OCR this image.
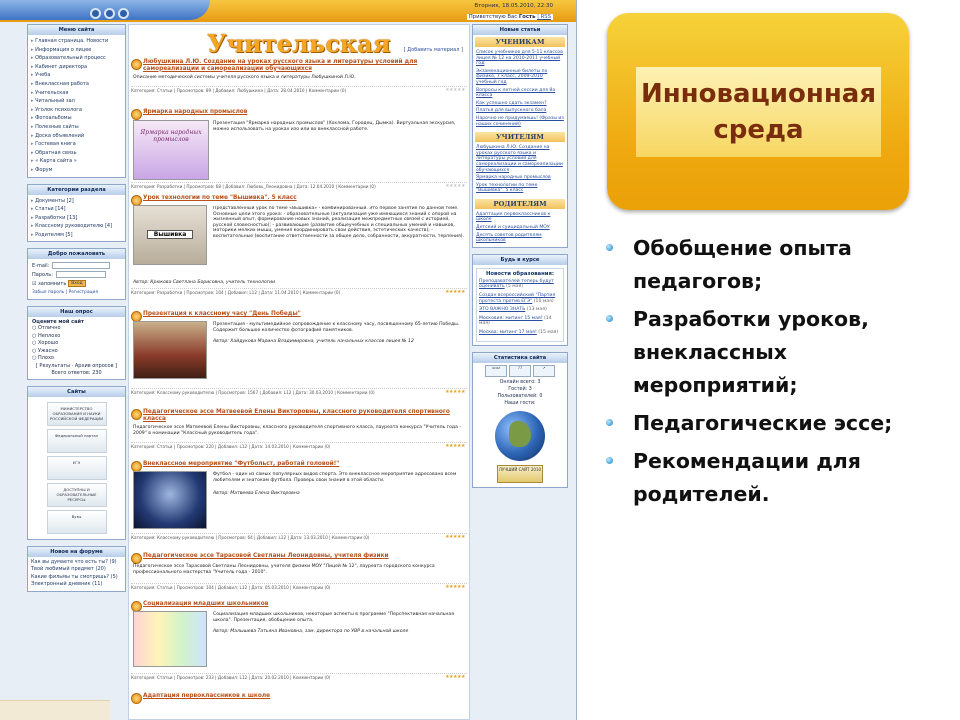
Вторник, 18.05.2010, 22:30
Приветствую Вас Гость | RSS
Меню сайта
▸ Главная страница. Новости
▸ Информация о лицее
▸ Образовательный процесс
▸ Кабинет директора
▸ Учеба
▸ Внеклассная работа
▸ Учительская
▸ Читальный зал
▸ Уголок психолога
▸ Фотоальбомы
▸ Полезные сайты
▸ Доска объявлений
▸ Гостевая книга
▸ Обратная связь
▸ « Карта сайта »
▸ Форум
Категории раздела
▸ Документы [2]
▸ Статьи [14]
▸ Разработки [13]
▸ Классному руководителю [4]
▸ Родителям [5]
Добро пожаловать
E-mail:
Пароль:
☑ запомнить	Вход
Забыл пароль | Регистрация
Наш опрос
Оцените мой сайт
○ Отлично
○ Неплохо
○ Хорошо
○ Ужасно
○ Плохо
[ Результаты · Архив опросов ]
Всего ответов: 230
Сайты
МИНИСТЕРСТВО ОБРАЗОВАНИЯ И НАУКИ РОССИЙСКОЙ ФЕДЕРАЦИИ
Федеральный портал
ЕГЭ
ДОСТУПНЫ И ОБРАЗОВАТЕЛЬНЫЕ РЕСУРСЫ
Вузы
Новое на форуме
Как вы думаете что есть ты? (9)
Твой любимый предмет (20)
Какие фильмы ты смотришь? (5)
Электронный дневник (11)
Учительская	[ Добавить материал ]
Любушкина Л.Ю. Создание на уроках русского языка и литературы условий для самореализации и самореализации обучающихся
Описание методической системы учителя русского языка и литературы Любушкиной Л.Ю.
Категория: Статьи | Просмотров: 89 | Добавил: Любушкина | Дата: 28.04.2010 | Комментарии (0)	★★★★★
Ярмарка народных промыслов
Ярмарка народных промыслов
Презентация "Ярмарка народных промыслов" (Хохлома, Городец, Дымка). Виртуальная экскурсия, можно использовать на уроках изо или во внеклассной работе.
Категория: Разработки | Просмотров: 68 | Добавил: Любовь_Леонидовна | Дата: 12.04.2010 | Комментарии (0)	★★★★★
Урок технологии по теме "Вышивка". 5 класс
Вышивка
Представленный урок по теме «Вышивка» - комбинированный. Это первое занятие по данной теме. Основные цели этого урока: - образовательные (актуализация уже имеющихся знаний с опорой на жизненный опыт, формирование новых знаний, реализация межпредметных связей с историей, русской словесностью); - развивающие (развитие общеучебных и специальных умений и навыков, моторики мелких мышц, умения координировать свои действия, эстетических качеств); - воспитательные (воспитание ответственности за общее дело, собранности, аккуратности, терпения).
Автор: Крюкова Светлана Борисовна, учитель технологии
Категория: Разработки | Просмотров: 104 | Добавил: L12 | Дата: 11.04.2010 | Комментарии (0)	★★★★★
Презентация к классному часу "День Победы"
Презентация - мультимедийное сопровождение к классному часу, посвященному 65-летию Победы. Содержит большое количество фотографий памятников.
Автор: Хайдукова Марина Владимировна, учитель начальных классов лицея № 12
Категория: Классному руководителю | Просмотров: 1567 | Добавил: L12 | Дата: 30.03.2010 | Комментарии (0)	★★★★★
Педагогическое эссе Матвеевой Елены Викторовны, классного руководителя спортивного класса
Педагогическое эссе Матвеевой Елены Викторовны, классного руководителя спортивного класса, лауреата конкурса "Учитель года - 2009" в номинации "Классный руководитель года".
Категория: Статьи | Просмотров: 220 | Добавил: L12 | Дата: 14.03.2010 | Комментарии (0)	★★★★★
Внеклассное мероприятие "Футбольст, работай головой!"
Футбол - один из самых популярных видов спорта. Это внеклассное мероприятие адресовано всем любителям и знатокам футбола. Проверь свои знания в этой области.
Автор: Матвеева Елена Викторовна
Категория: Классному руководителю | Просмотров: 64 | Добавил: L12 | Дата: 13.03.2010 | Комментарии (0)	★★★★★
Педагогическое эссе Тарасовой Светланы Леонидовны, учителя физики
Педагогическое эссе Тарасовой Светланы Леонидовны, учителя физики МОУ "Лицей № 12", лауреата городского конкурса профессионального мастерства "Учитель года - 2010".
Категория: Статьи | Просмотров: 104 | Добавил: L12 | Дата: 05.03.2010 | Комментарии (0)	★★★★★
Социализация младших школьников
Социализация младших школьников, некоторые аспекты в программе "Перспективная начальная школа". Презентация, обобщение опыта.
Автор: Малышева Татьяна Ивановна, зам. директора по УВР в начальной школе
Категория: Статьи | Просмотров: 233 | Добавил: L12 | Дата: 20.02.2010 | Комментарии (0)	★★★★★
Адаптация первоклассников к школе
Новые статьи
УЧЕНИКАМ
Список учебников для 5-11 классов лицея № 12 на 2010-2011 учебный год
Экзаменационные билеты по физике, 7 класс, 2009-2010 учебный год
Вопросы к летней сессии для 8а класса
Как успешно сдать экзамен?
Платья для выпускного бала
Нарочно не придумаешь! (Фразы из наших сочинений)
УЧИТЕЛЯМ
Любушкина Л.Ю. Создание на уроках русского языка и литературы условий для самореализации и самореализации обучающихся
Ярмарка народных промыслов
Урок технологии по теме "Вышивка". 5 класс
РОДИТЕЛЯМ
Адаптация первоклассников к школе
Детский и суицидальный МОУ
Десять советов родителям школьников
Будь в курсе
Новости образования:
Преподавателей теперь будут оценивать (5 мая)
Создан всероссийский "Партия протеста против ЕГЭ" (10 мая)
ЭТО ВАЖНО ЗНАТЬ (13 мая)
Московия: митинг 15 мая! (14 мая)
Москва: митинг 17 мая! (15 мая)
Статистика сайта
ucoz	77	↗
Онлайн всего: 3
Гостей: 3
Пользователей: 0
Наши гости:
ЛУЧШИЙ САЙТ 2010
Инновационная среда
Обобщение опыта педагогов;
Разработки уроков, внеклассных мероприятий;
Педагогические эссе;
Рекомендации для родителей.
